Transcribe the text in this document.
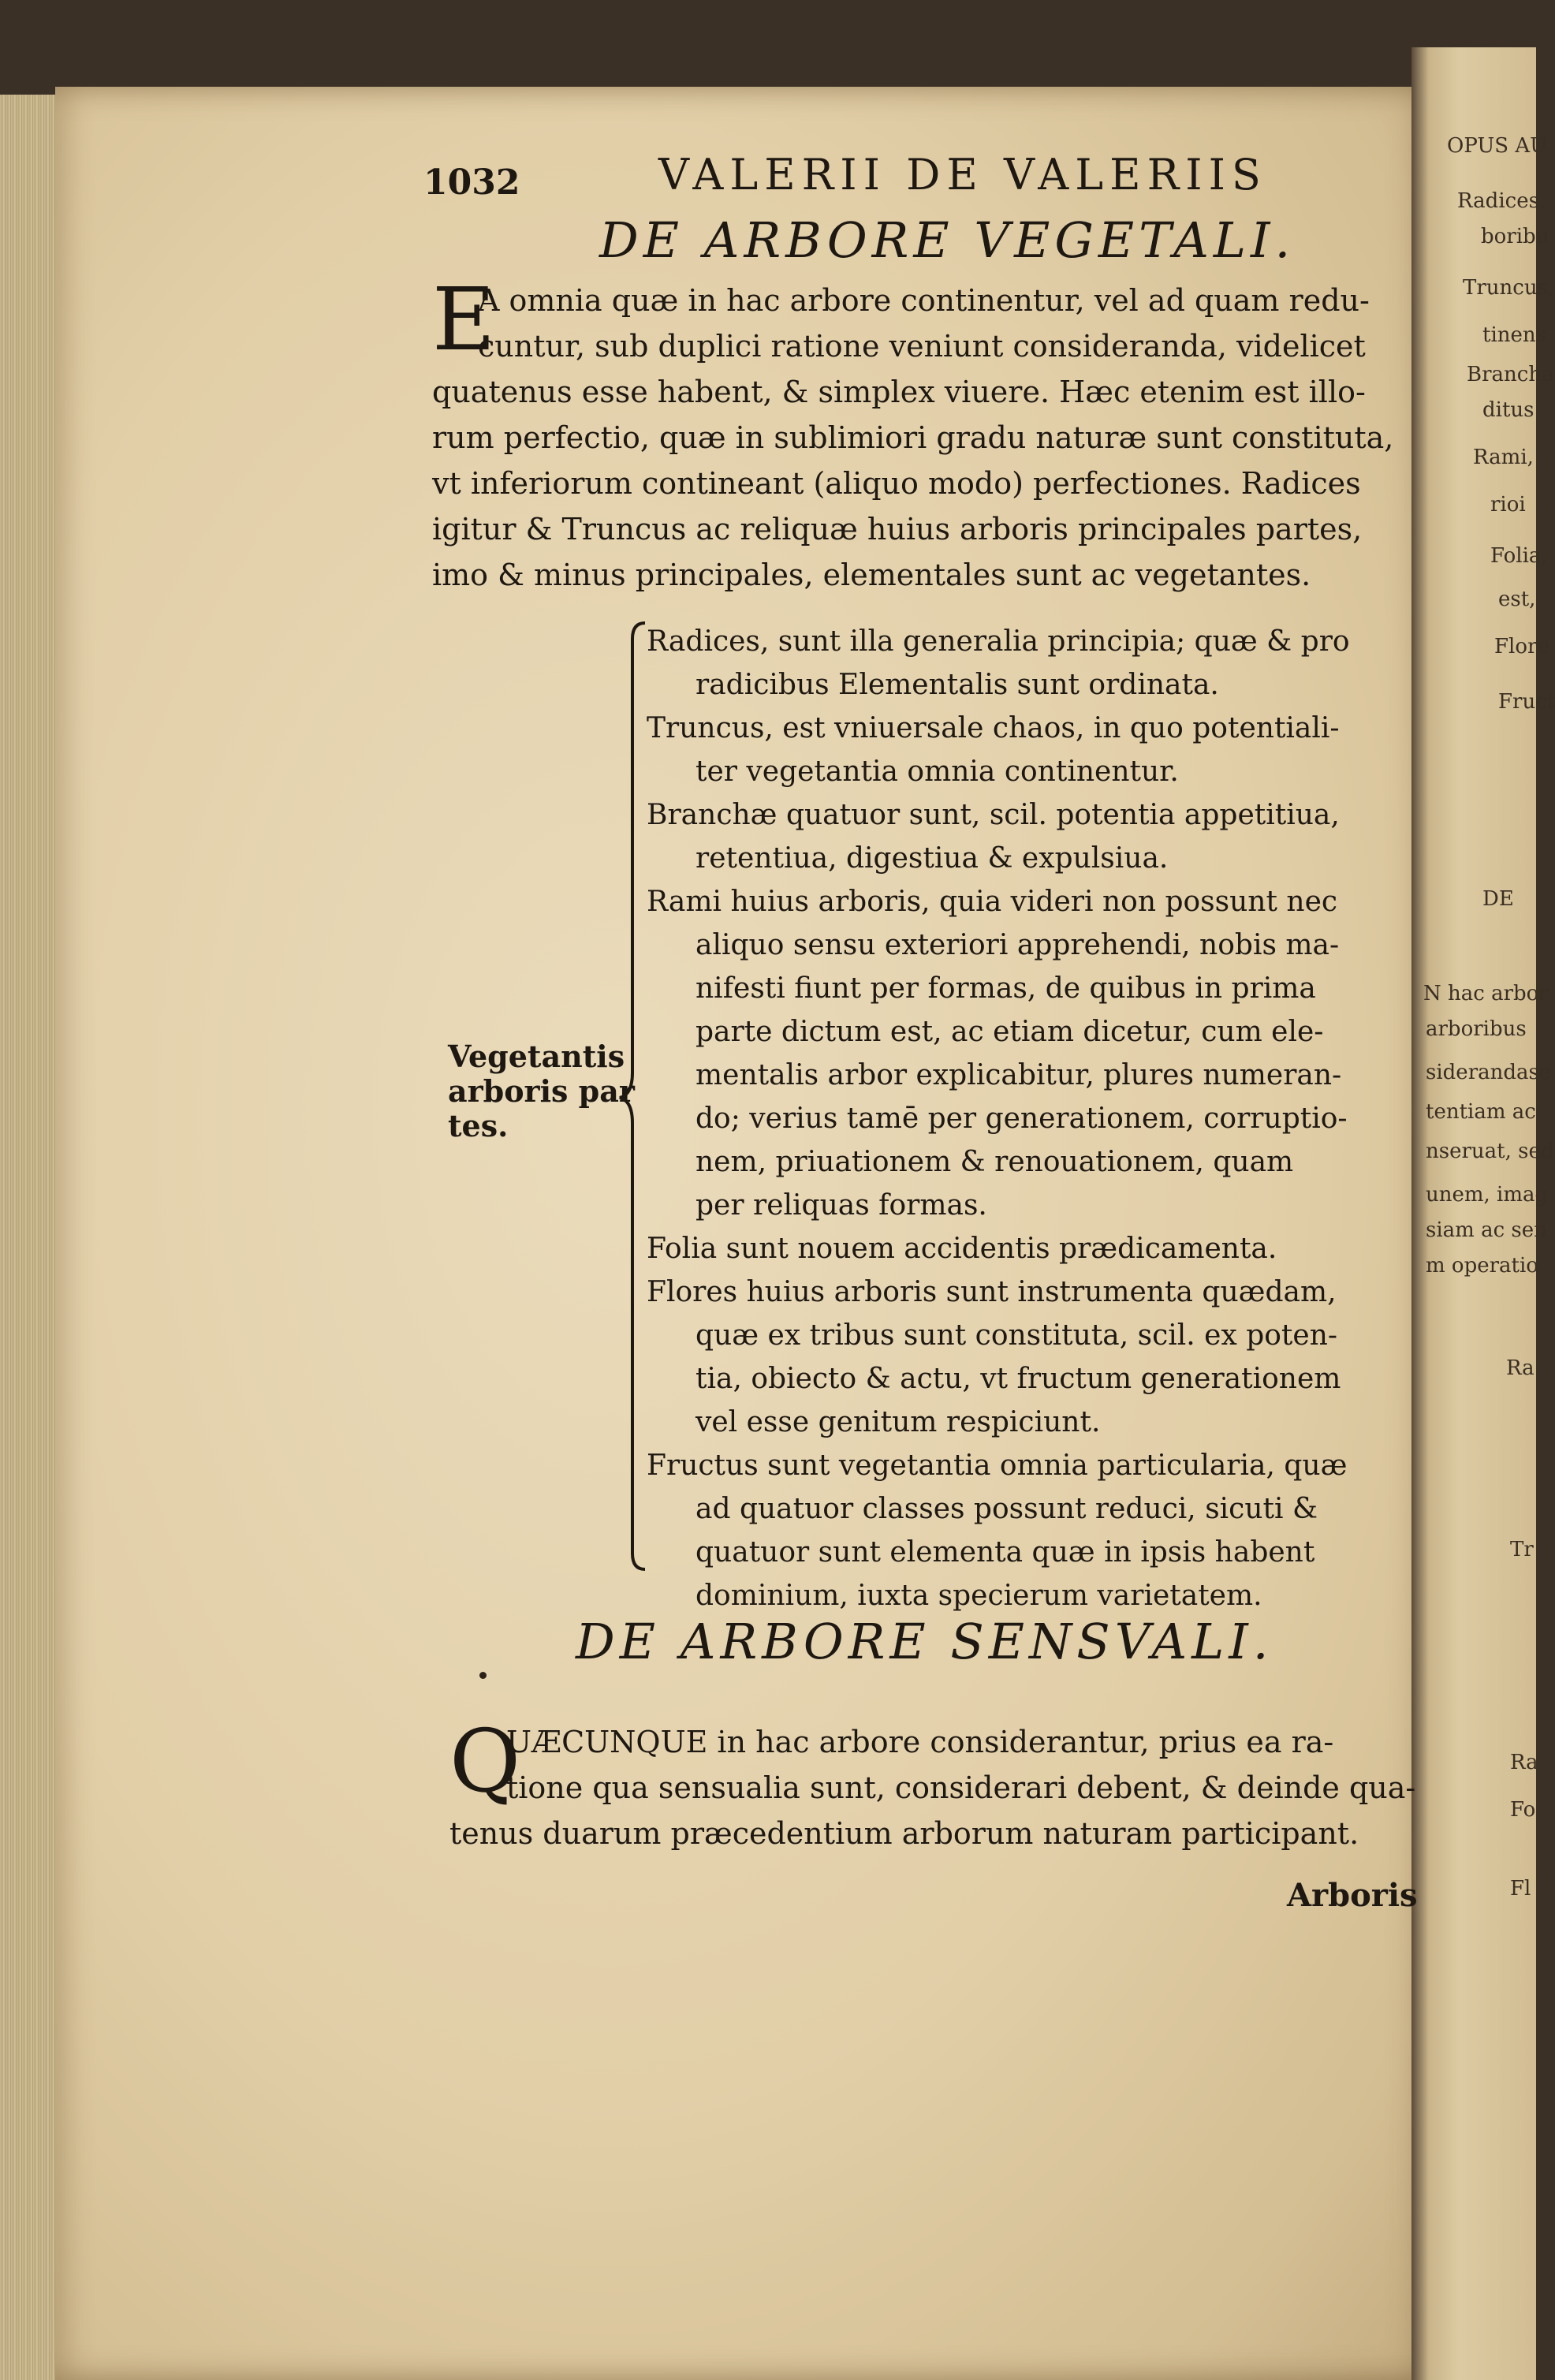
1032	VALERII DE VALERIIS
DE ARBORE VEGETALI.
E
A omnia quæ in hac arbore continentur, vel ad quam redu-
cuntur, sub duplici ratione veniunt consideranda, videlicet
quatenus esse habent, & simplex viuere. Hæc etenim est illo-
rum perfectio, quæ in sublimiori gradu naturæ sunt constituta,
vt inferiorum contineant (aliquo modo) perfectiones. Radices
igitur & Truncus ac reliquæ huius arboris principales partes,
imo & minus principales, elementales sunt ac vegetantes.
Vegetantis
arboris par
tes.
Radices, sunt illa generalia principia; quæ & pro
radicibus Elementalis sunt ordinata.
Truncus, est vniuersale chaos, in quo potentiali-
ter vegetantia omnia continentur.
Branchæ quatuor sunt, scil. potentia appetitiua,
retentiua, digestiua & expulsiua.
Rami huius arboris, quia videri non possunt nec
aliquo sensu exteriori apprehendi, nobis ma-
nifesti fiunt per formas, de quibus in prima
parte dictum est, ac etiam dicetur, cum ele-
mentalis arbor explicabitur, plures numeran-
do; verius tamē per generationem, corruptio-
nem, priuationem & renouationem, quam
per reliquas formas.
Folia sunt nouem accidentis prædicamenta.
Flores huius arboris sunt instrumenta quædam,
quæ ex tribus sunt constituta, scil. ex poten-
tia, obiecto & actu, vt fructum generationem
vel esse genitum respiciunt.
Fructus sunt vegetantia omnia particularia, quæ
ad quatuor classes possunt reduci, sicuti &
quatuor sunt elementa quæ in ipsis habent
dominium, iuxta specierum varietatem.
DE ARBORE SENSVALI.
Q
UÆCUNQUE in hac arbore considerantur, prius ea ra-
tione qua sensualia sunt, considerari debent, & deinde qua-
tenus duarum præcedentium arborum naturam participant.
Arboris
OPUS AU
Radices,
boribu
Truncus,
tinens
Brancha
ditus
Rami,
rioi
Folia,
est,
Flore
Fruct
DE
N hac arbor
arboribus
siderandase
tentiam ac
nseruat, sed
unem, imag
siam ac sen
m operatio
Ra
Tr
Ra
Fo
Fl
